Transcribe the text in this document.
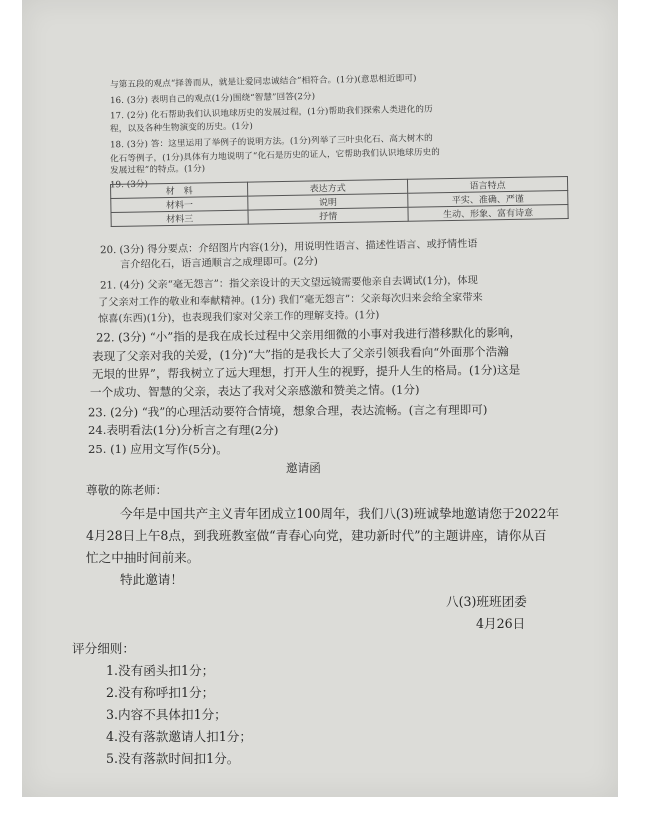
与第五段的观点“择善而从，就是让爱同忠诚结合”相符合。(1分)(意思相近即可)
16. (3分) 表明自己的观点(1分)围绕“智慧”回答(2分)
17. (2分) 化石帮助我们认识地球历史的发展过程，(1分)帮助我们探索人类进化的历
程，以及各种生物演变的历史。(1分)
18. (3分) 答：这里运用了举例子的说明方法。(1分)列举了三叶虫化石、高大树木的
化石等例子，(1分)具体有力地说明了“化石是历史的证人，它帮助我们认识地球历史的
发展过程”的特点。(1分)
19. (3分)
材　料	表达方式	语言特点
材料一	说明	平实、准确、严谨
材料三	抒情	生动、形象、富有诗意
20. (3分) 得分要点：介绍图片内容(1分)，用说明性语言、描述性语言、或抒情性语
言介绍化石，语言通顺言之成理即可。(2分)
21. (4分) 父亲“毫无怨言”：指父亲设计的天文望远镜需要他亲自去调试(1分)，体现
了父亲对工作的敬业和奉献精神。(1分) 我们“毫无怨言”：父亲每次归来会给全家带来
惊喜(东西)(1分)，也表现我们家对父亲工作的理解支持。(1分)
22. (3分) “小”指的是我在成长过程中父亲用细微的小事对我进行潜移默化的影响，
表现了父亲对我的关爱，(1分)“大”指的是我长大了父亲引领我看向“外面那个浩瀚
无垠的世界”，帮我树立了远大理想，打开人生的视野，提升人生的格局。(1分)这是
一个成功、智慧的父亲，表达了我对父亲感激和赞美之情。(1分)
23. (2分) “我”的心理活动要符合情境，想象合理，表达流畅。(言之有理即可)
24.表明看法(1分)分析言之有理(2分)
25. (1) 应用文写作(5分)。
邀请函
尊敬的陈老师：
今年是中国共产主义青年团成立100周年，我们八(3)班诚挚地邀请您于2022年
4月28日上午8点，到我班教室做“青春心向党，建功新时代”的主题讲座，请你从百
忙之中抽时间前来。
特此邀请！
八(3)班班团委
4月26日
评分细则：
1.没有函头扣1分；
2.没有称呼扣1分；
3.内容不具体扣1分；
4.没有落款邀请人扣1分；
5.没有落款时间扣1分。
